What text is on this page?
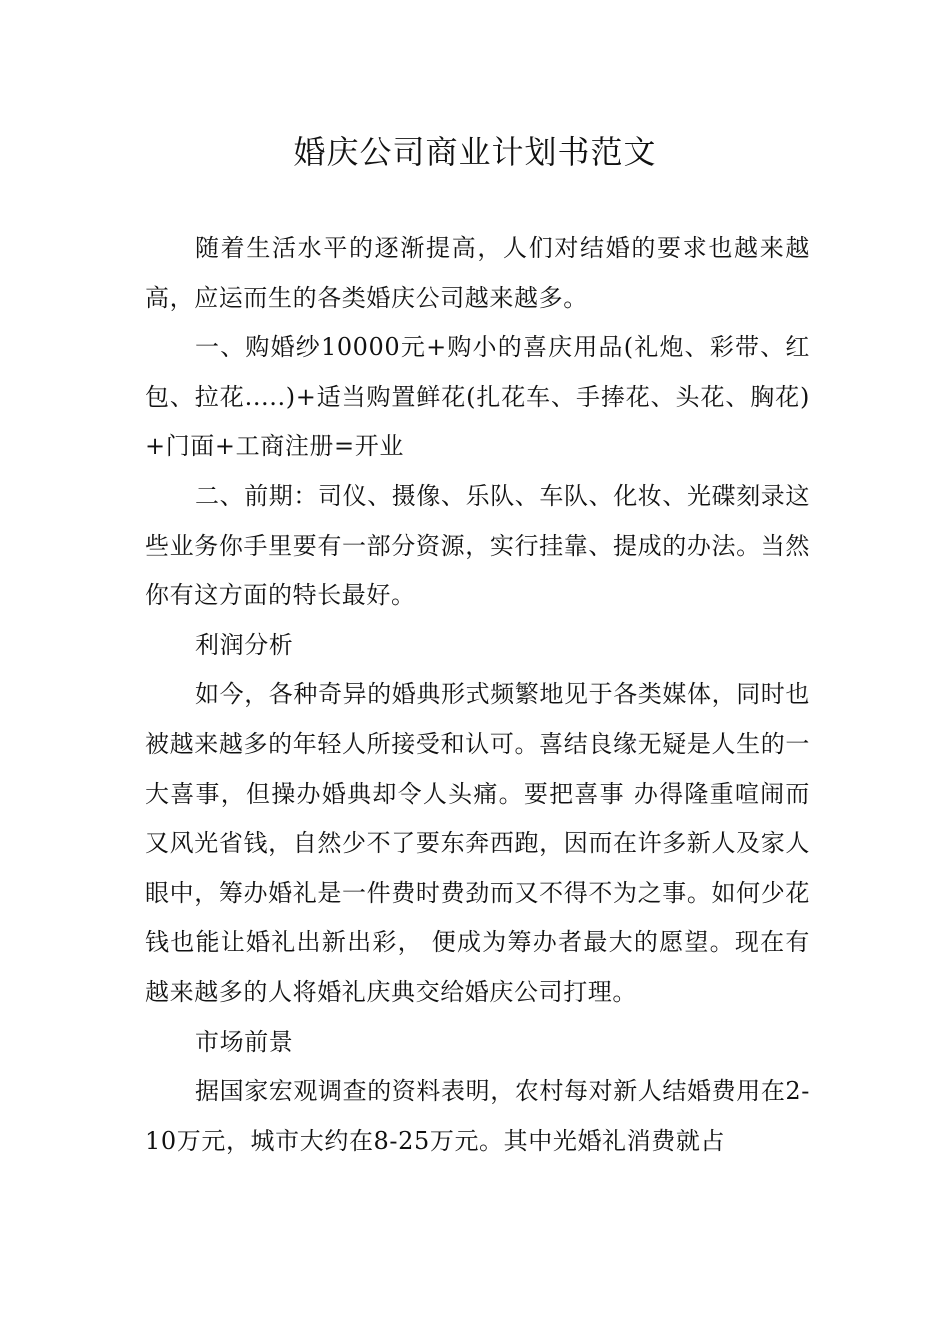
婚庆公司商业计划书范文

随着生活水平的逐渐提高，人们对结婚的要求也越来越高，应运而生的各类婚庆公司越来越多。

一、购婚纱10000元+购小的喜庆用品(礼炮、彩带、红包、拉花.....)+适当购置鲜花(扎花车、手捧花、头花、胸花)+门面+工商注册=开业

二、前期：司仪、摄像、乐队、车队、化妆、光碟刻录这些业务你手里要有一部分资源，实行挂靠、提成的办法。当然你有这方面的特长最好。

利润分析

如今，各种奇异的婚典形式频繁地见于各类媒体，同时也被越来越多的年轻人所接受和认可。喜结良缘无疑是人生的一大喜事，但操办婚典却令人头痛。要把喜事 办得隆重喧闹而又风光省钱，自然少不了要东奔西跑，因而在许多新人及家人眼中，筹办婚礼是一件费时费劲而又不得不为之事。如何少花钱也能让婚礼出新出彩， 便成为筹办者最大的愿望。现在有越来越多的人将婚礼庆典交给婚庆公司打理。

市场前景

据国家宏观调查的资料表明，农村每对新人结婚费用在2-10万元，城市大约在8-25万元。其中光婚礼消费就占
